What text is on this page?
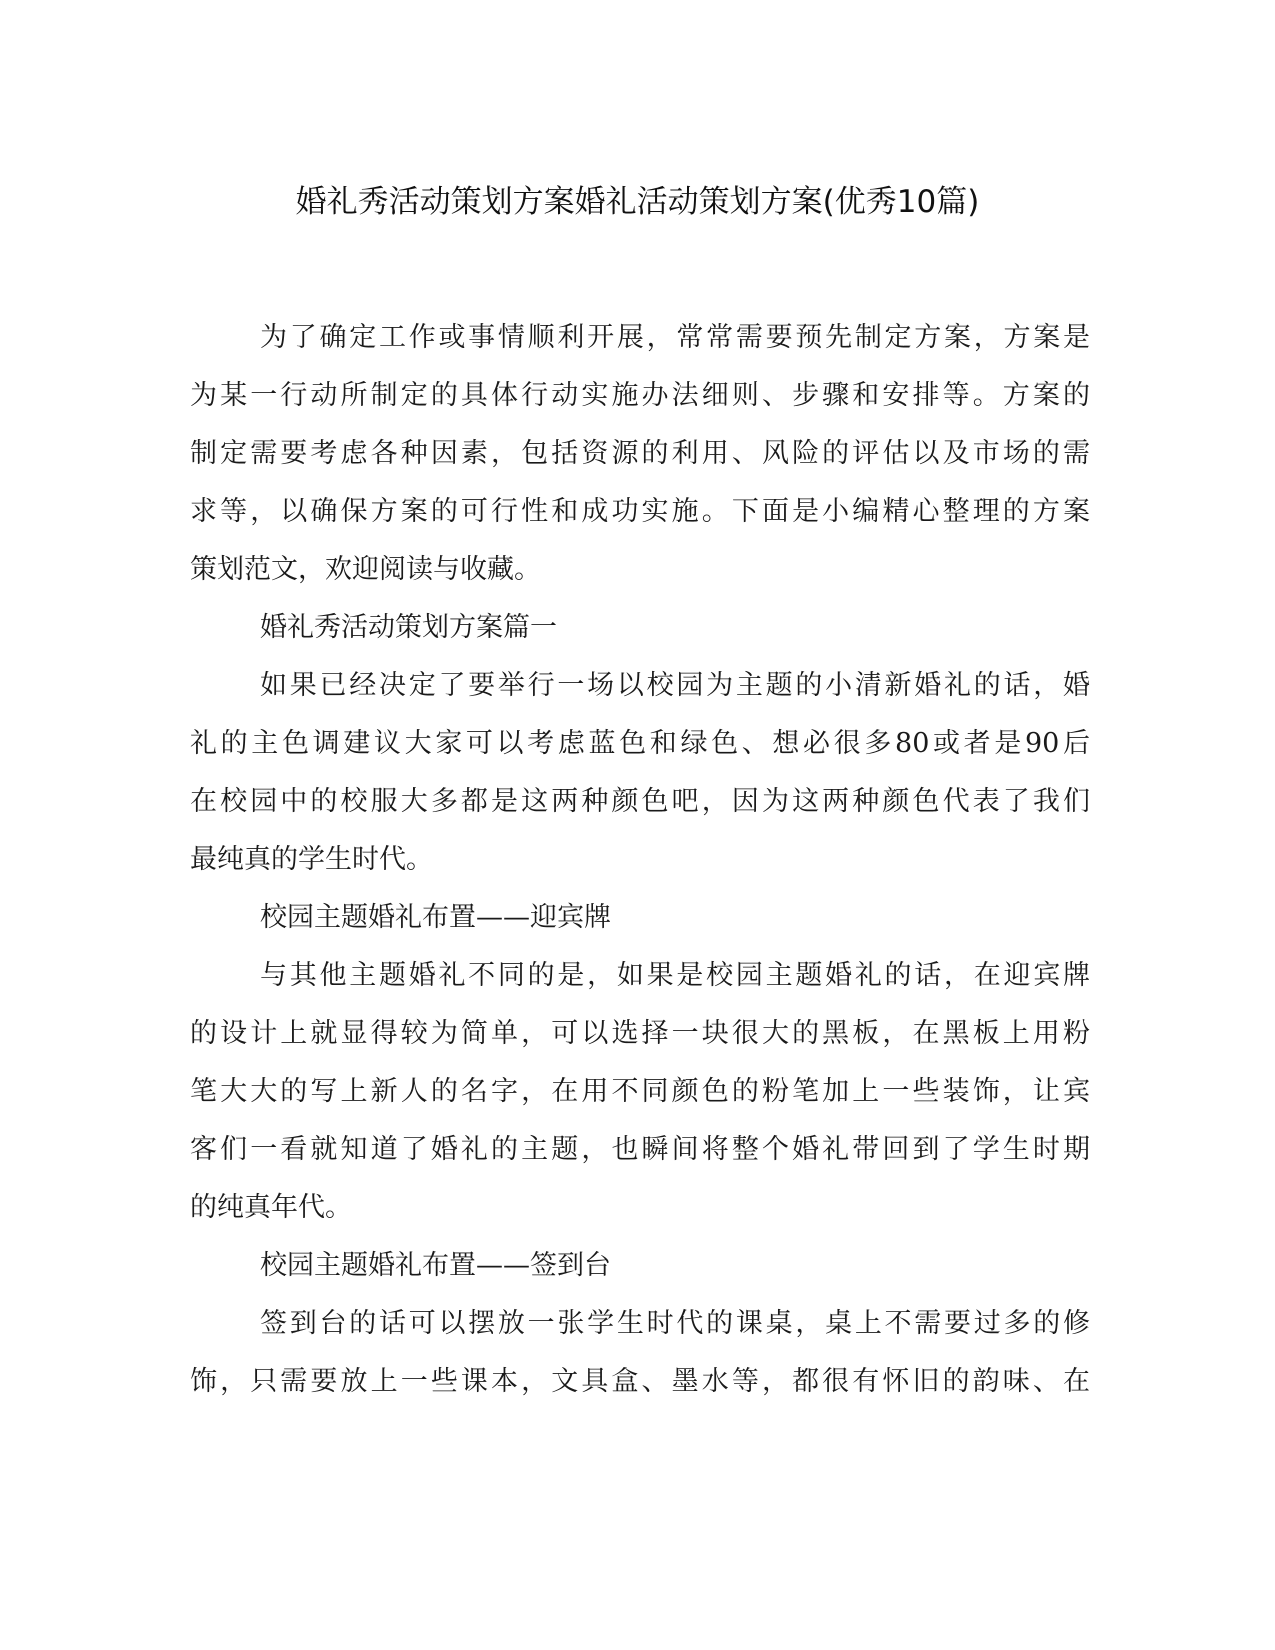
婚礼秀活动策划方案婚礼活动策划方案(优秀10篇)
为了确定工作或事情顺利开展，常常需要预先制定方案，方案是
为某一行动所制定的具体行动实施办法细则、步骤和安排等。方案的
制定需要考虑各种因素，包括资源的利用、风险的评估以及市场的需
求等，以确保方案的可行性和成功实施。下面是小编精心整理的方案
策划范文，欢迎阅读与收藏。
婚礼秀活动策划方案篇一
如果已经决定了要举行一场以校园为主题的小清新婚礼的话，婚
礼的主色调建议大家可以考虑蓝色和绿色、想必很多80或者是90后
在校园中的校服大多都是这两种颜色吧，因为这两种颜色代表了我们
最纯真的学生时代。
校园主题婚礼布置——迎宾牌
与其他主题婚礼不同的是，如果是校园主题婚礼的话，在迎宾牌
的设计上就显得较为简单，可以选择一块很大的黑板，在黑板上用粉
笔大大的写上新人的名字，在用不同颜色的粉笔加上一些装饰，让宾
客们一看就知道了婚礼的主题，也瞬间将整个婚礼带回到了学生时期
的纯真年代。
校园主题婚礼布置——签到台
签到台的话可以摆放一张学生时代的课桌，桌上不需要过多的修
饰，只需要放上一些课本，文具盒、墨水等，都很有怀旧的韵味、在
